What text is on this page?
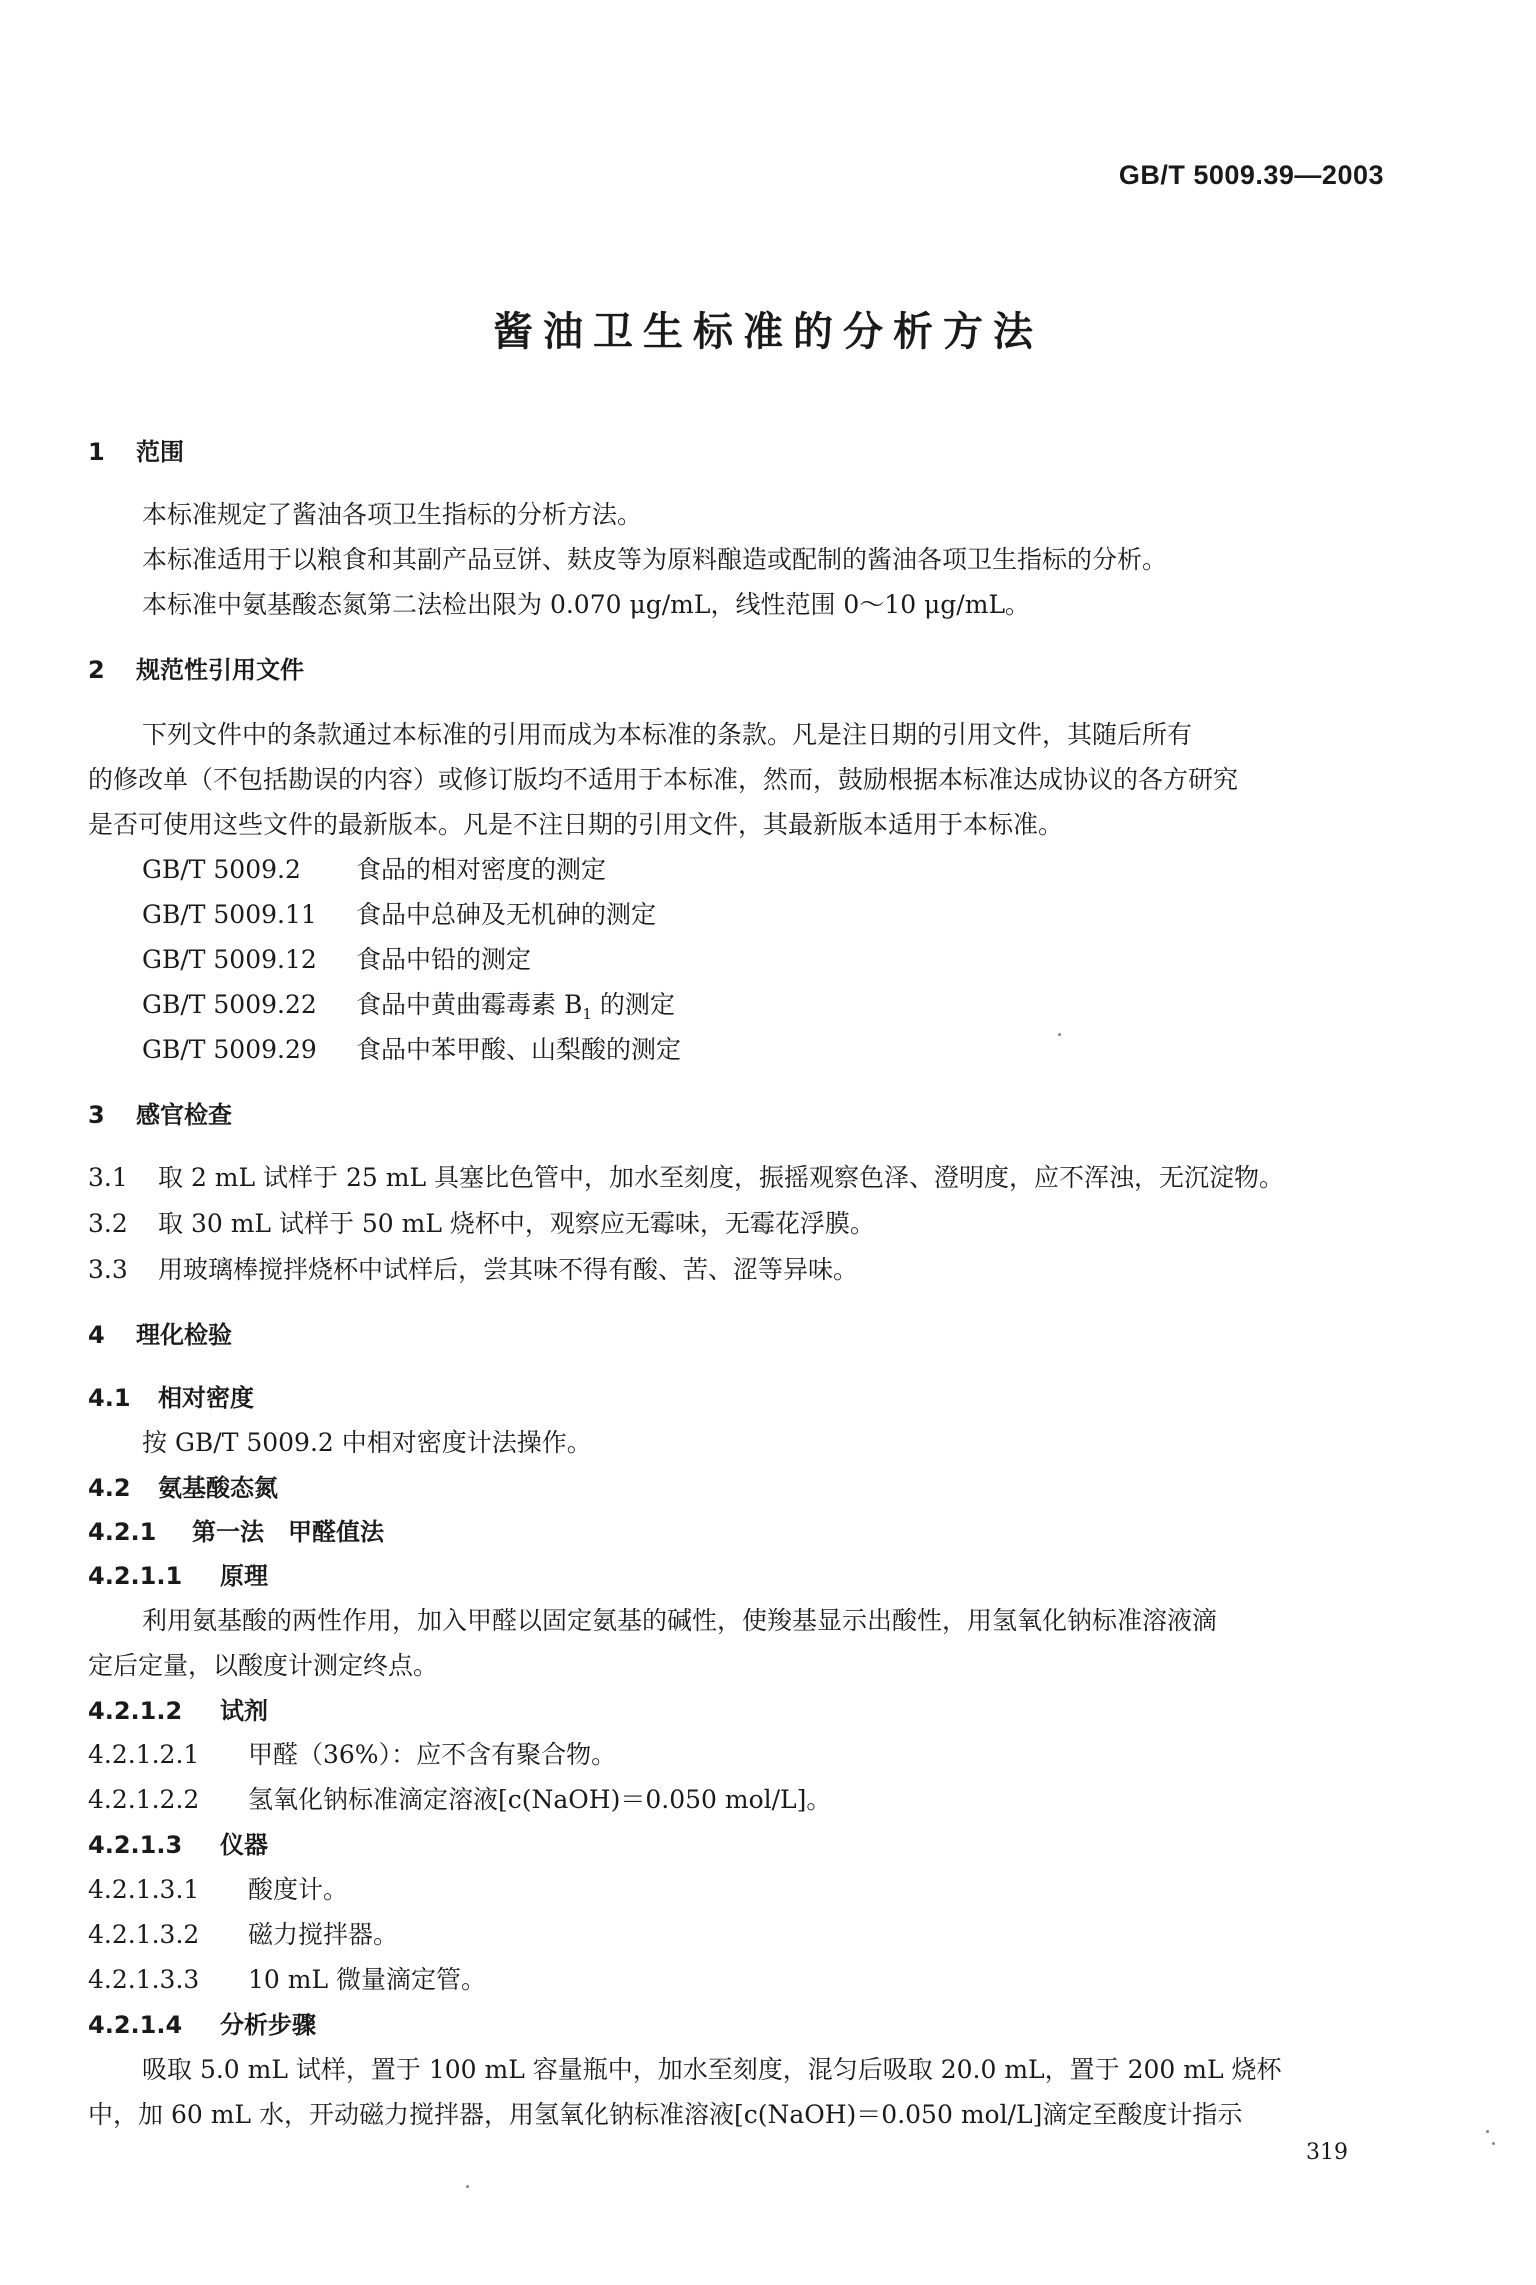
GB/T 5009.39—2003
酱油卫生标准的分析方法
1 范围
本标准规定了酱油各项卫生指标的分析方法。
本标准适用于以粮食和其副产品豆饼、麸皮等为原料酿造或配制的酱油各项卫生指标的分析。
本标准中氨基酸态氮第二法检出限为 0.070 μg/mL，线性范围 0～10 μg/mL。
2 规范性引用文件
下列文件中的条款通过本标准的引用而成为本标准的条款。凡是注日期的引用文件，其随后所有
的修改单（不包括勘误的内容）或修订版均不适用于本标准，然而，鼓励根据本标准达成协议的各方研究
是否可使用这些文件的最新版本。凡是不注日期的引用文件，其最新版本适用于本标准。
GB/T 5009.2 食品的相对密度的测定
GB/T 5009.11 食品中总砷及无机砷的测定
GB/T 5009.12 食品中铅的测定
GB/T 5009.22 食品中黄曲霉毒素 $B_1$ 的测定
GB/T 5009.29 食品中苯甲酸、山梨酸的测定
3 感官检查
3.1 取 2 mL 试样于 25 mL 具塞比色管中，加水至刻度，振摇观察色泽、澄明度，应不浑浊，无沉淀物。
3.2 取 30 mL 试样于 50 mL 烧杯中，观察应无霉味，无霉花浮膜。
3.3 用玻璃棒搅拌烧杯中试样后，尝其味不得有酸、苦、涩等异味。
4 理化检验
4.1 相对密度
按 GB/T 5009.2 中相对密度计法操作。
4.2 氨基酸态氮
4.2.1 第一法　甲醛值法
4.2.1.1 原理
利用氨基酸的两性作用，加入甲醛以固定氨基的碱性，使羧基显示出酸性，用氢氧化钠标准溶液滴
定后定量，以酸度计测定终点。
4.2.1.2 试剂
4.2.1.2.1 甲醛（36%）：应不含有聚合物。
4.2.1.2.2 氢氧化钠标准滴定溶液[c(NaOH)＝0.050 mol/L]。
4.2.1.3 仪器
4.2.1.3.1 酸度计。
4.2.1.3.2 磁力搅拌器。
4.2.1.3.3 10 mL 微量滴定管。
4.2.1.4 分析步骤
吸取 5.0 mL 试样，置于 100 mL 容量瓶中，加水至刻度，混匀后吸取 20.0 mL，置于 200 mL 烧杯
中，加 60 mL 水，开动磁力搅拌器，用氢氧化钠标准溶液[c(NaOH)＝0.050 mol/L]滴定至酸度计指示
319
